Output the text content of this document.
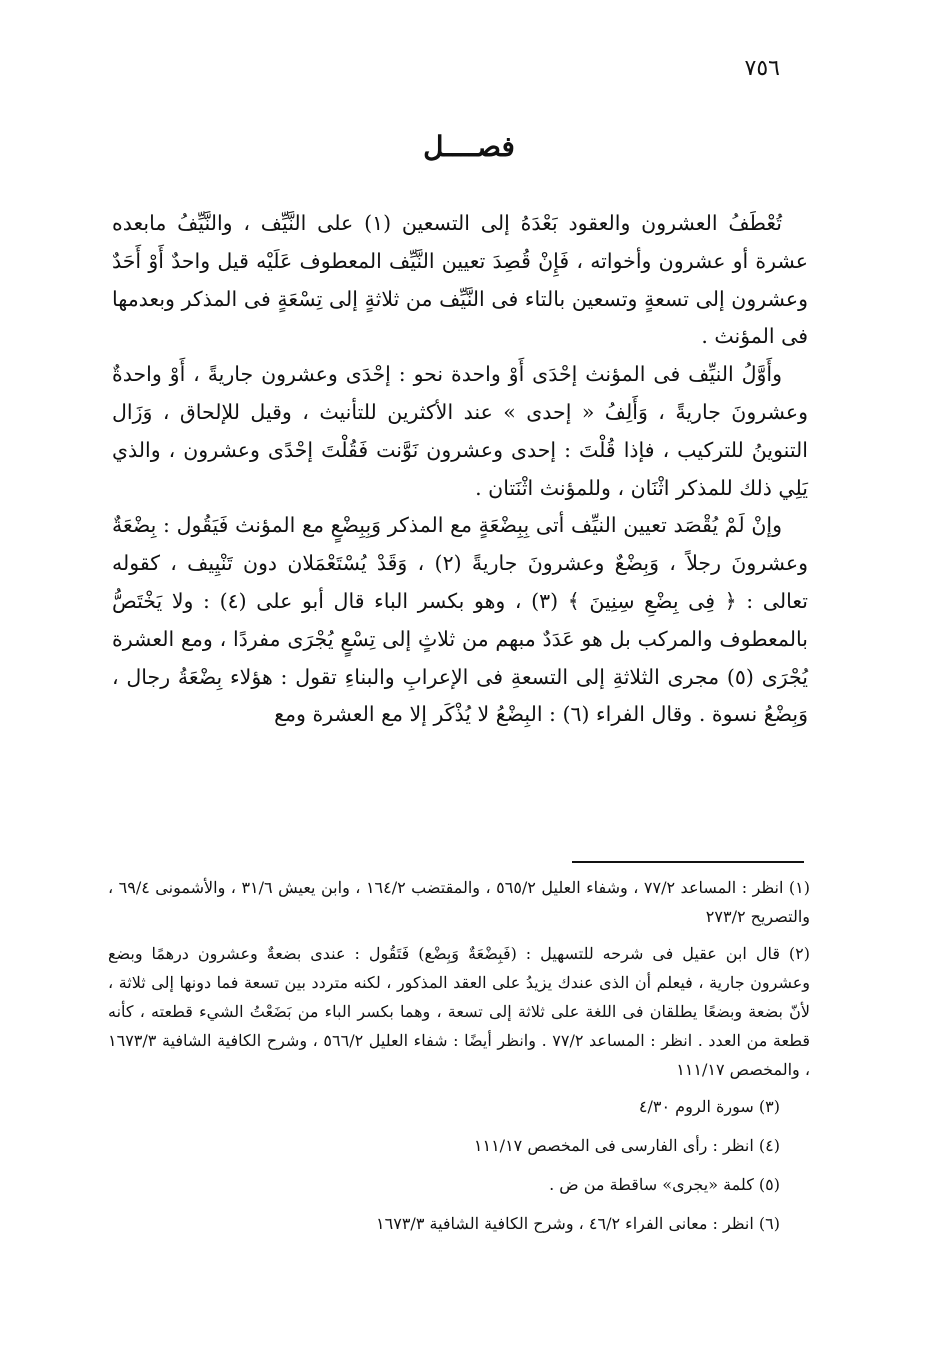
٧٥٦
فصــــل

تُعْطَفُ العشرون والعقود بَعْدَهُ إلى التسعين (١) على النَّيِّف ، والنَّيِّفُ مابعده عشرة أو عشرون وأخواته ، فَإِنْ قُصِدَ تعيين النَّيِّف المعطوف عَلَيْه قيل واحدٌ أَوْ أَحَدٌ وعشرون إلى تسعةٍ وتسعين بالتاء فى النَّيِّف من ثلاثةٍ إلى تِسْعَةٍ فى المذكر وبعدمها فى المؤنث .

وأَوَّلُ النيِّف فى المؤنث إحْدَى أَوْ واحدة نحو : إحْدَى وعشرون جاريةً ، أَوْ واحدةٌ وعشرونَ جاريةً ، وَأَلِفُ « إحدى » عند الأكثرين للتأنيث ، وقيل للإلحاق ، وَزَال التنوينُ للتركيب ، فإذا قُلْتَ : إحدى وعشرون نَوَّنت فَقُلْتَ إحْدًى وعشرون ، والذي يَلِي ذلك للمذكر اثْنَان ، وللمؤنث اثْنَتان .

وإنْ لَمْ يُقْصَد تعيين النيِّف أتى بِبِضْعَةٍ مع المذكر وَبِبِضْعٍ مع المؤنث فَيَقُول : بِضْعَةٌ وعشرونَ رجلاً ، وَبِضْعٌ وعشرونَ جاريةً (٢) ، وَقَدْ يُسْتَعْمَلان دون تَنْيِيف ، كقوله تعالى : ﴿ فِى بِضْعِ سِنِينَ ﴾ (٣) ، وهو بكسر الباء قال أبو على (٤) : ولا يَخْتَصُّ بالمعطوف والمركب بل هو عَدَدٌ مبهم من ثلاثٍ إلى تِسْعٍ يُجْرَى مفردًا ، ومع العشرة يُجْرَى (٥) مجرى الثلاثةِ إلى التسعةِ فى الإعرابِ والبناءِ تقول : هؤلاء بِضْعَةُ رجال ، وَبِضْعُ نسوة . وقال الفراء (٦) : البِضْعُ لا يُذْكَر إلا مع العشرة ومع

(١) انظر : المساعد ٧٧/٢ ، وشفاء العليل ٥٦٥/٢ ، والمقتضب ١٦٤/٢ ، وابن يعيش ٣١/٦ ، والأشمونى ٦٩/٤ ، والتصريح ٢٧٣/٢

(٢) قال ابن عقيل فى شرحه للتسهيل : (فَبِضْعَةٌ وَبِضْع) فَتَقُول : عندى بضعةٌ وعشرون درهمًا وبضع وعشرون جارية ، فيعلم أن الذى عندك يزيدُ على العقد المذكور ، لكنه متردد بين تسعة فما دونها إلى ثلاثة ، لأنّ بضعة وبضعًا يطلقان فى اللغة على ثلاثة إلى تسعة ، وهما بكسر الباء من بَضَعْتُ الشيء قطعته ، كأنه قطعة من العدد . انظر : المساعد ٧٧/٢ . وانظر أيضًا : شفاء العليل ٥٦٦/٢ ، وشرح الكافية الشافية ١٦٧٣/٣ ، والمخصص ١١١/١٧

(٣) سورة الروم ٤/٣٠

(٤) انظر : رأى الفارسى فى المخصص ١١١/١٧

(٥) كلمة «يجرى» ساقطة من ض .

(٦) انظر : معانى الفراء ٤٦/٢ ، وشرح الكافية الشافية ١٦٧٣/٣
